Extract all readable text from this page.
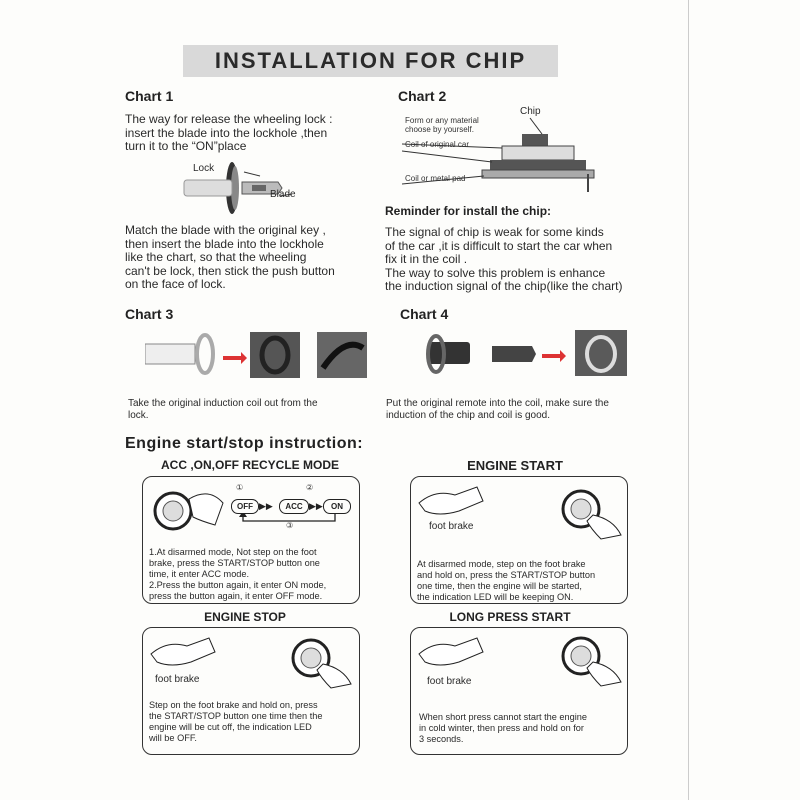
INSTALLATION FOR CHIP
Chart 1
The way for release the wheeling lock :
insert the blade into the lockhole ,then
turn it to the “ON”place
Lock
Blade
Match the blade with the original key ,
then insert the blade into the lockhole
like the chart, so that the wheeling
can't be lock, then stick the push button
on the face of lock.
Chart 2
Chip
Form or any material
choose by yourself.
Coil of original car
Coil or metal pad
Reminder for install the chip:
The signal of chip is weak for some kinds
of the car ,it is difficult to start the car when
fix it in the coil .
The way to solve this problem is enhance
the induction signal of the chip(like the chart)
Chart 3
Take the original induction coil out from the
lock.
Chart 4
Put the original remote into the coil, make sure the
induction of the chip and coil is good.
Engine start/stop instruction:
ACC ,ON,OFF RECYCLE MODE
①	②
OFF ▶▶	ACC ▶▶	ON
③
1.At disarmed mode, Not step on the foot
brake, press the START/STOP button one
time, it enter ACC mode.
2.Press the button again, it enter ON mode,
press the button again, it enter OFF mode.
ENGINE START
foot brake
At disarmed mode, step on the foot brake
and hold on, press the START/STOP button
one time, then the engine will be started,
the indication LED will be keeping ON.
ENGINE STOP
foot brake
Step on the foot brake and hold on, press
the START/STOP button one time then the
engine will be cut off, the indication LED
will be OFF.
LONG PRESS START
foot brake
When short press cannot start the engine
in cold winter, then press and hold on for
3 seconds.
